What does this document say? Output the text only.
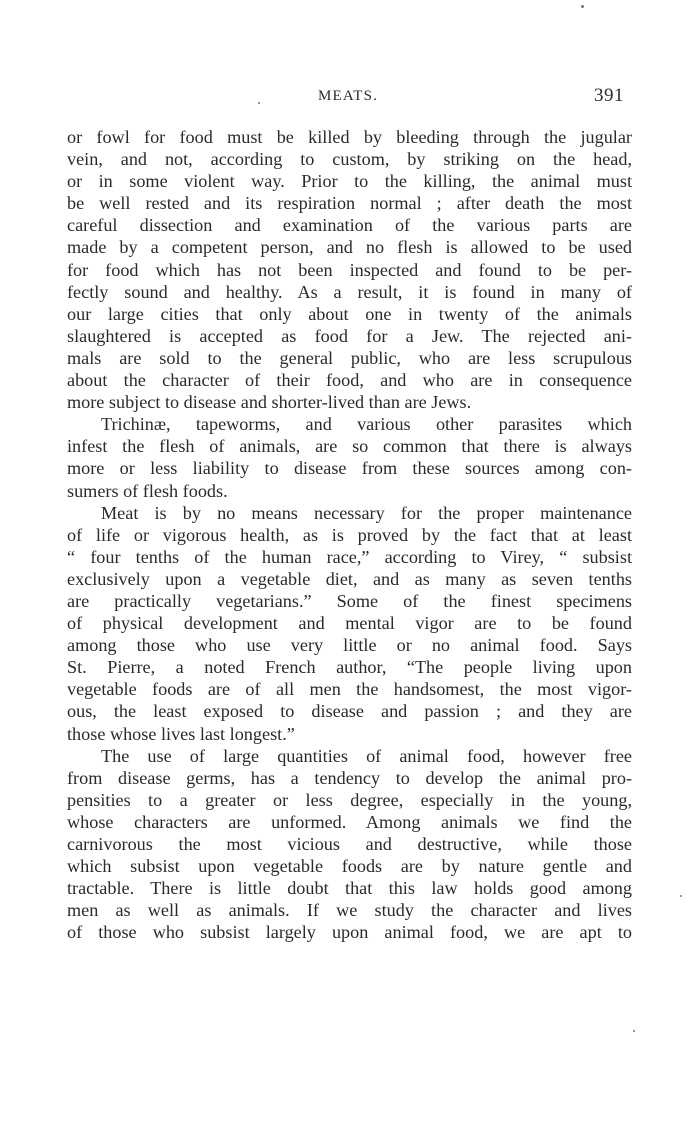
MEATS.	391
or fowl for food must be killed by bleeding through the jugular
vein, and not, according to custom, by striking on the head,
or in some violent way. Prior to the killing, the animal must
be well rested and its respiration normal ; after death the most
careful dissection and examination of the various parts are
made by a competent person, and no flesh is allowed to be used
for food which has not been inspected and found to be per-
fectly sound and healthy. As a result, it is found in many of
our large cities that only about one in twenty of the animals
slaughtered is accepted as food for a Jew. The rejected ani-
mals are sold to the general public, who are less scrupulous
about the character of their food, and who are in consequence
more subject to disease and shorter-lived than are Jews.
Trichinæ, tapeworms, and various other parasites which
infest the flesh of animals, are so common that there is always
more or less liability to disease from these sources among con-
sumers of flesh foods.
Meat is by no means necessary for the proper maintenance
of life or vigorous health, as is proved by the fact that at least
“ four tenths of the human race,” according to Virey, “ subsist
exclusively upon a vegetable diet, and as many as seven tenths
are practically vegetarians.” Some of the finest specimens
of physical development and mental vigor are to be found
among those who use very little or no animal food. Says
St. Pierre, a noted French author, “The people living upon
vegetable foods are of all men the handsomest, the most vigor-
ous, the least exposed to disease and passion ; and they are
those whose lives last longest.”
The use of large quantities of animal food, however free
from disease germs, has a tendency to develop the animal pro-
pensities to a greater or less degree, especially in the young,
whose characters are unformed. Among animals we find the
carnivorous the most vicious and destructive, while those
which subsist upon vegetable foods are by nature gentle and
tractable. There is little doubt that this law holds good among
men as well as animals. If we study the character and lives
of those who subsist largely upon animal food, we are apt to
